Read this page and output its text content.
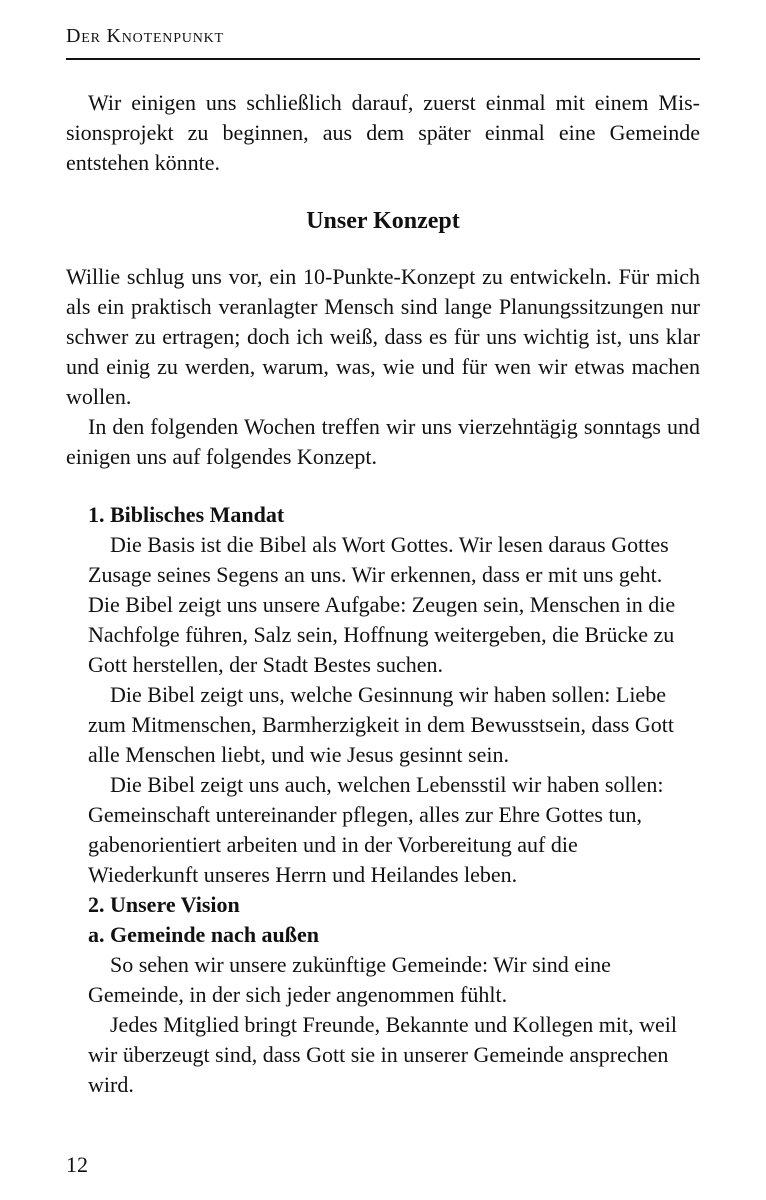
Der Knotenpunkt

Wir einigen uns schließlich darauf, zuerst einmal mit einem Missionsprojekt zu beginnen, aus dem später einmal eine Gemeinde entstehen könnte.

Unser Konzept

Willie schlug uns vor, ein 10-Punkte-Konzept zu entwickeln. Für mich als ein praktisch veranlagter Mensch sind lange Planungssitzungen nur schwer zu ertragen; doch ich weiß, dass es für uns wichtig ist, uns klar und einig zu werden, warum, was, wie und für wen wir etwas machen wollen.

In den folgenden Wochen treffen wir uns vierzehntägig sonntags und einigen uns auf folgendes Konzept.

1. Biblisches Mandat

Die Basis ist die Bibel als Wort Gottes. Wir lesen daraus Gottes Zusage seines Segens an uns. Wir erkennen, dass er mit uns geht. Die Bibel zeigt uns unsere Aufgabe: Zeugen sein, Menschen in die Nachfolge führen, Salz sein, Hoffnung weitergeben, die Brücke zu Gott herstellen, der Stadt Bestes suchen.

Die Bibel zeigt uns, welche Gesinnung wir haben sollen: Liebe zum Mitmenschen, Barmherzigkeit in dem Bewusstsein, dass Gott alle Menschen liebt, und wie Jesus gesinnt sein.

Die Bibel zeigt uns auch, welchen Lebensstil wir haben sollen: Gemeinschaft untereinander pflegen, alles zur Ehre Gottes tun, gabenorientiert arbeiten und in der Vorbereitung auf die Wiederkunft unseres Herrn und Heilandes leben.

2. Unsere Vision
a. Gemeinde nach außen

So sehen wir unsere zukünftige Gemeinde: Wir sind eine Gemeinde, in der sich jeder angenommen fühlt.

Jedes Mitglied bringt Freunde, Bekannte und Kollegen mit, weil wir überzeugt sind, dass Gott sie in unserer Gemeinde ansprechen wird.

12
